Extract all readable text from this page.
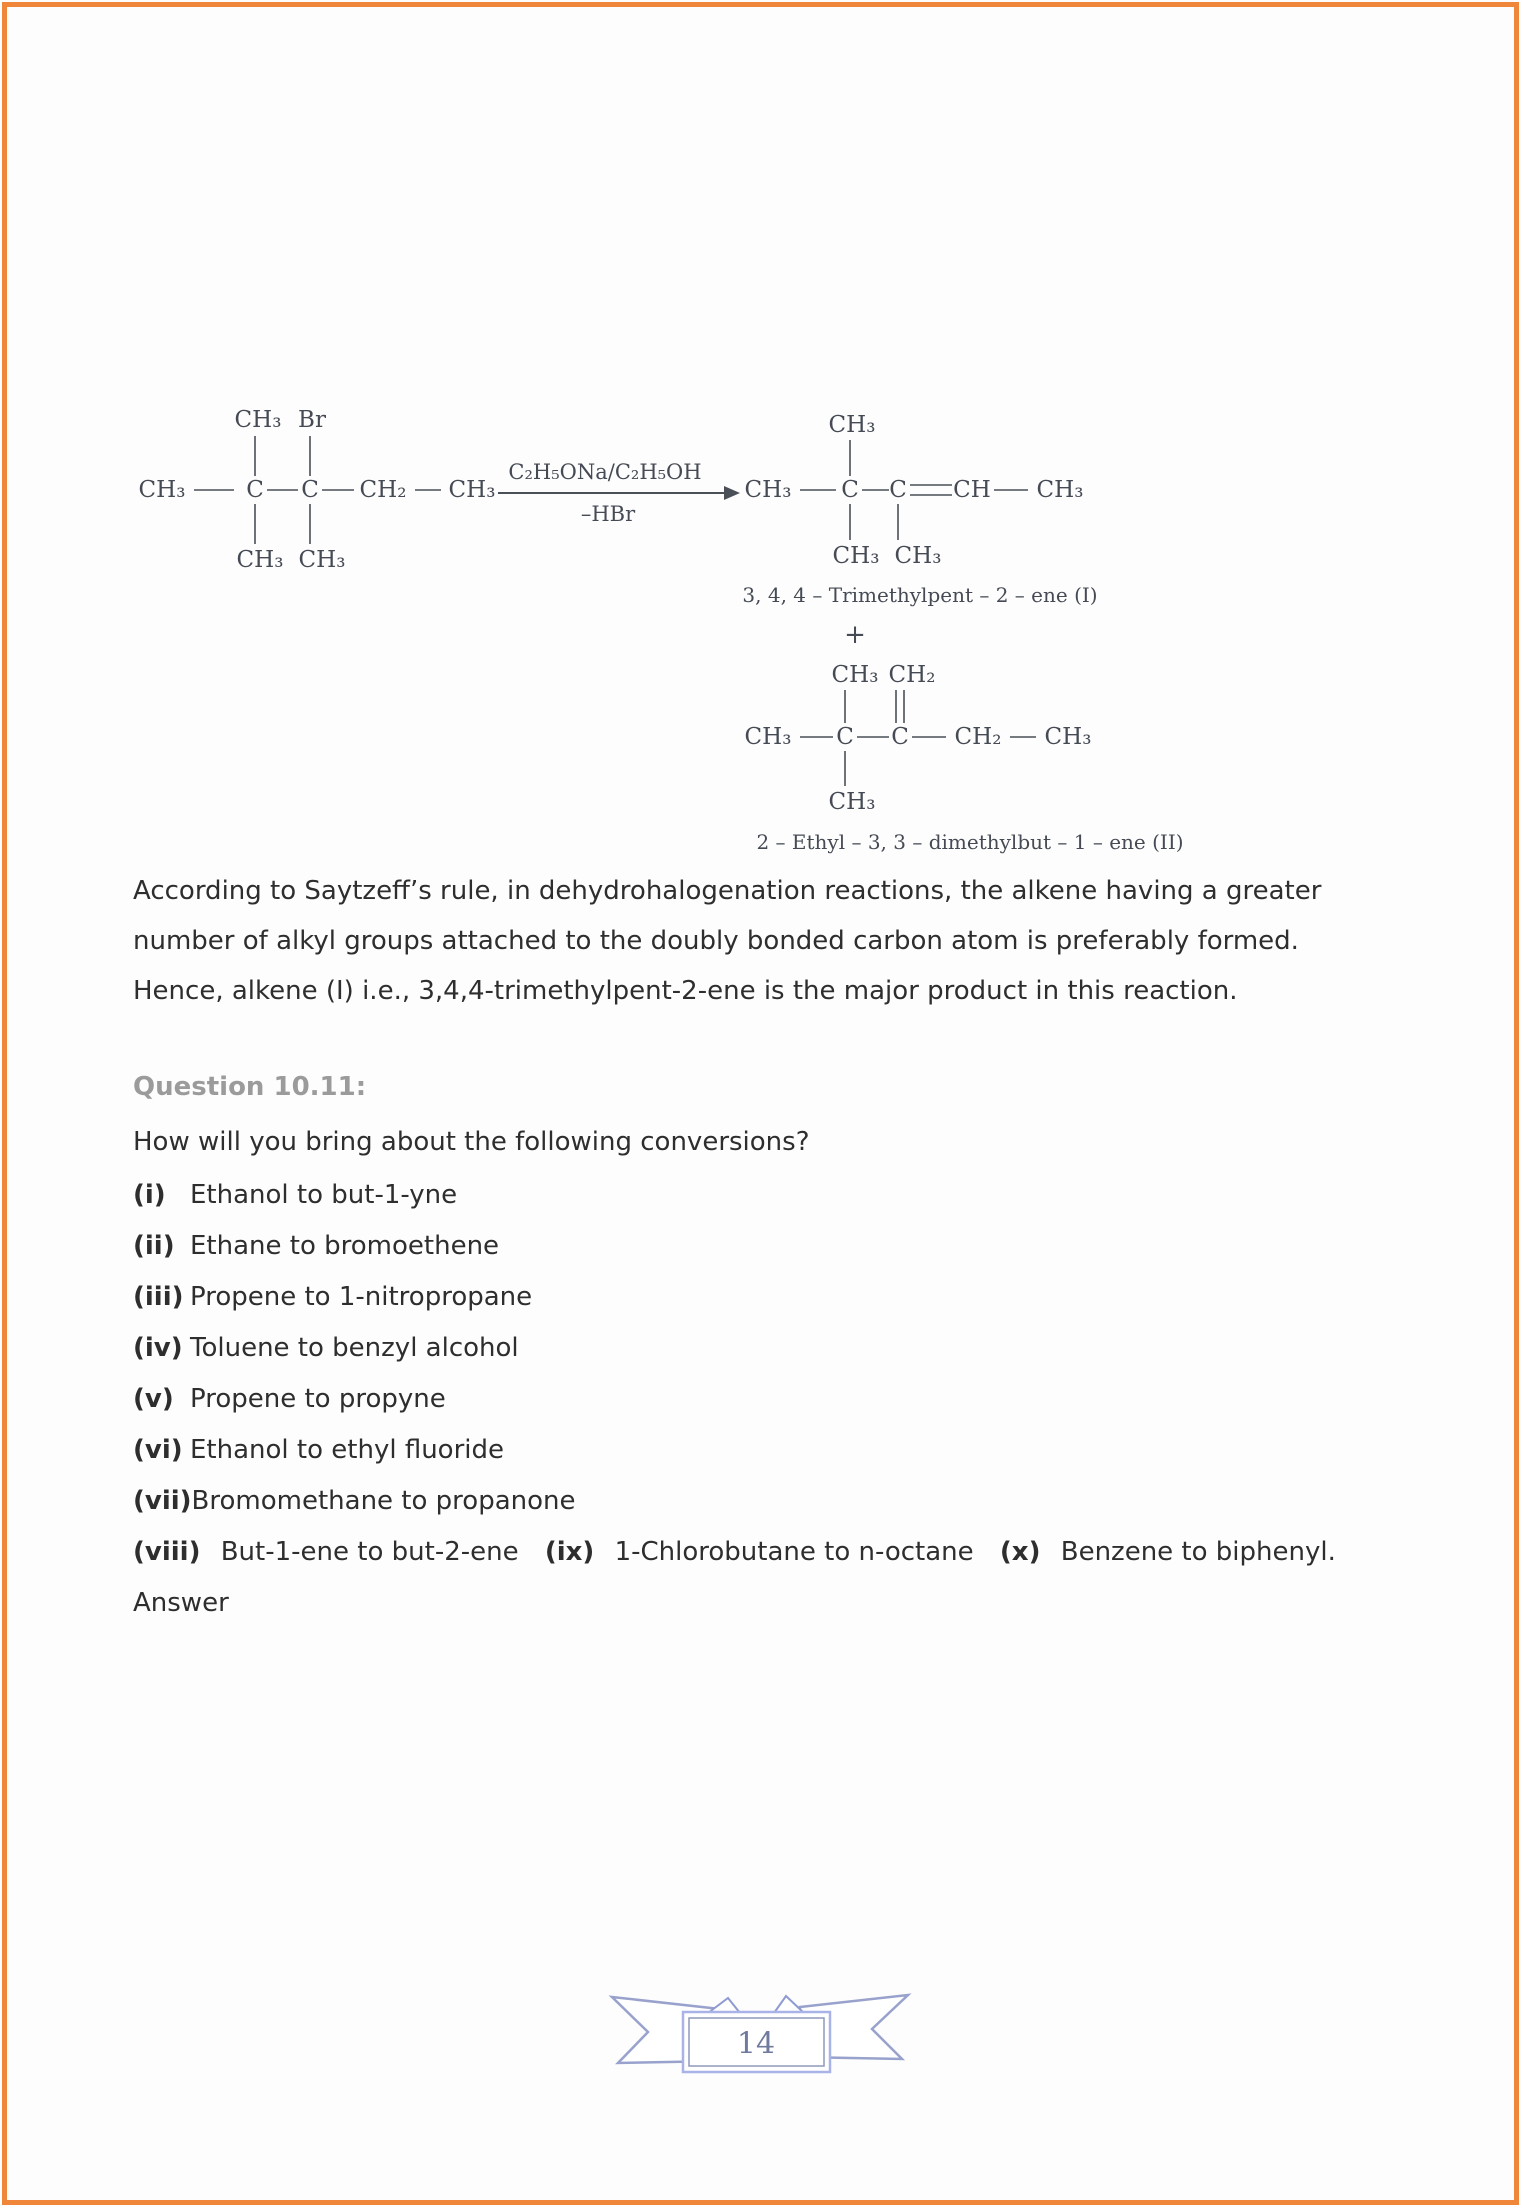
CH₃ Br
CH₃	C C CH₂ CH₃
CH₃ CH₃
C₂H₅ONa/C₂H₅OH
–HBr
CH₃
CH₃ C C CH CH₃
CH₃ CH₃
3, 4, 4 – Trimethylpent – 2 – ene (I)
+
CH₃ CH₂
CH₃ C C CH₂ CH₃
CH₃
2 – Ethyl – 3, 3 – dimethylbut – 1 – ene (II)
According to Saytzeff’s rule, in dehydrohalogenation reactions, the alkene having a greater
number of alkyl groups attached to the doubly bonded carbon atom is preferably formed.
Hence, alkene (I) i.e., 3,4,4-trimethylpent-2-ene is the major product in this reaction.
Question 10.11:
How will you bring about the following conversions?
(i) Ethanol to but-1-yne
(ii) Ethane to bromoethene
(iii) Propene to 1-nitropropane
(iv) Toluene to benzyl alcohol
(v) Propene to propyne
(vi) Ethanol to ethyl fluoride
(vii) Bromomethane to propanone
(viii) But-1-ene to but-2-ene (ix) 1-Chlorobutane to n-octane (x) Benzene to biphenyl.
Answer
14
